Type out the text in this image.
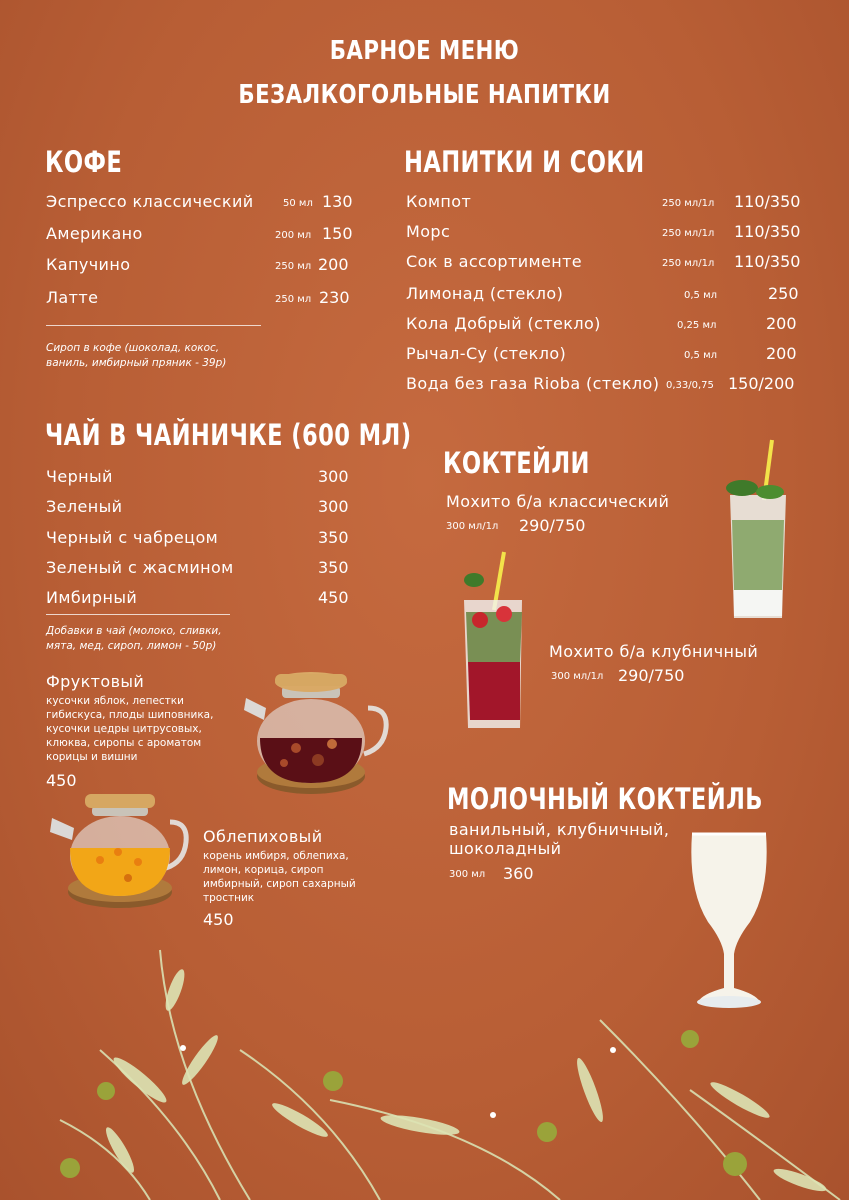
БАРНОЕ МЕНЮ
БЕЗАЛКОГОЛЬНЫЕ НАПИТКИ
КОФЕ
Эспрессо классический	50 мл 130
Американо	200 мл 150
Капучино	250 мл 200
Латте	250 мл 230
Сироп в кофе (шоколад, кокос, ваниль, имбирный пряник - 39р)
ЧАЙ В ЧАЙНИЧКЕ (600 МЛ)
Черный	300
Зеленый	300
Черный с чабрецом	350
Зеленый с жасмином	350
Имбирный	450
Добавки в чай (молоко, сливки, мята, мед, сироп, лимон - 50р)
Фруктовый
кусочки яблок, лепестки гибискуса, плоды шиповника, кусочки цедры цитрусовых, клюква, сиропы с ароматом корицы и вишни
450
Облепиховый
корень имбиря, облепиха, лимон, корица, сироп имбирный, сироп сахарный тростник
450
НАПИТКИ И СОКИ
Компот	250 мл/1л 110/350
Морс	250 мл/1л 110/350
Сок в ассортименте	250 мл/1л 110/350
Лимонад (стекло)	0,5 мл	250
Кола Добрый (стекло)	0,25 мл	200
Рычал-Су (стекло)	0,5 мл	200
Вода без газа Rioba (стекло) 0,33/0,75 150/200
КОКТЕЙЛИ
Мохито б/а классический
300 мл/1л 290/750
Мохито б/а клубничный
300 мл/1л 290/750
МОЛОЧНЫЙ КОКТЕЙЛЬ
ванильный, клубничный,
шоколадный
300 мл 360
